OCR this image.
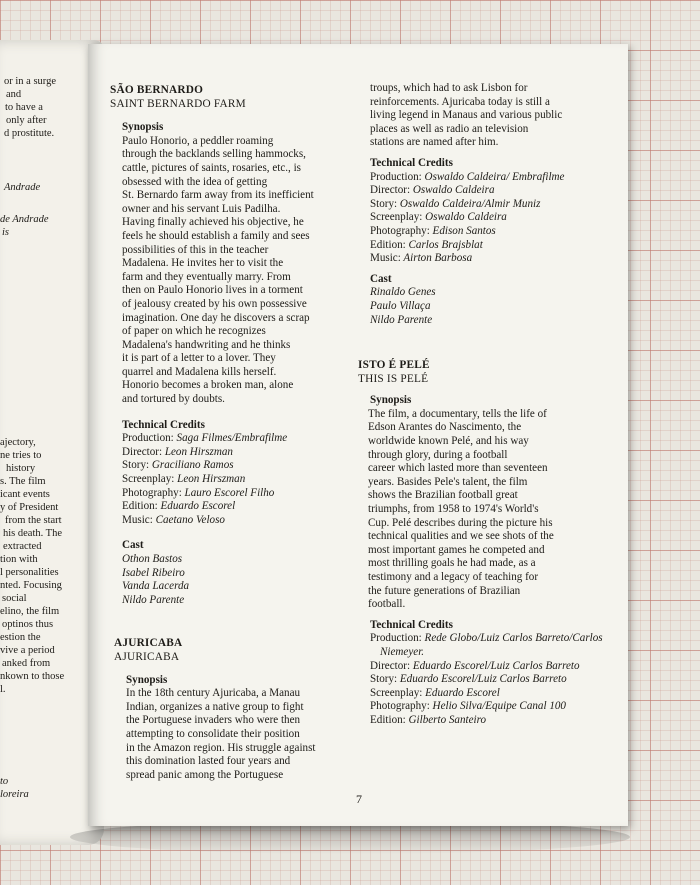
or in a surge
and
to have a
only after
d prostitute.
Andrade
de Andrade
is
ajectory,
ne tries to
history
s. The film
icant events
y of President
from the start
his death. The
extracted
tion with
l personalities
nted. Focusing
social
elino, the film
optinos thus
estion the
vive a period
anked from
nkown to those
l.
to
loreira
SÃO BERNARDO
SAINT BERNARDO FARM
Synopsis
Paulo Honorio, a peddler roaming
through the backlands selling hammocks,
cattle, pictures of saints, rosaries, etc., is
obsessed with the idea of getting
St. Bernardo farm away from its inefficient
owner and his servant Luis Padilha.
Having finally achieved his objective, he
feels he should establish a family and sees
possibilities of this in the teacher
Madalena. He invites her to visit the
farm and they eventually marry. From
then on Paulo Honorio lives in a torment
of jealousy created by his own possessive
imagination. One day he discovers a scrap
of paper on which he recognizes
Madalena's handwriting and he thinks
it is part of a letter to a lover. They
quarrel and Madalena kills herself.
Honorio becomes a broken man, alone
and tortured by doubts.
Technical Credits
Production: Saga Filmes/Embrafilme
Director: Leon Hirszman
Story: Graciliano Ramos
Screenplay: Leon Hirszman
Photography: Lauro Escorel Filho
Edition: Eduardo Escorel
Music: Caetano Veloso
Cast
Othon Bastos
Isabel Ribeiro
Vanda Lacerda
Nildo Parente
AJURICABA
AJURICABA
Synopsis
In the 18th century Ajuricaba, a Manau
Indian, organizes a native group to fight
the Portuguese invaders who were then
attempting to consolidate their position
in the Amazon region. His struggle against
this domination lasted four years and
spread panic among the Portuguese
troups, which had to ask Lisbon for
reinforcements. Ajuricaba today is still a
living legend in Manaus and various public
places as well as radio an television
stations are named after him.
Technical Credits
Production: Oswaldo Caldeira/ Embrafilme
Director: Oswaldo Caldeira
Story: Oswaldo Caldeira/Almir Muniz
Screenplay: Oswaldo Caldeira
Photography: Edison Santos
Edition: Carlos Brajsblat
Music: Airton Barbosa
Cast
Rinaldo Genes
Paulo Villaça
Nildo Parente
ISTO É PELÉ
THIS IS PELÉ
Synopsis
The film, a documentary, tells the life of
Edson Arantes do Nascimento, the
worldwide known Pelé, and his way
through glory, during a football
career which lasted more than seventeen
years. Basides Pele's talent, the film
shows the Brazilian football great
triumphs, from 1958 to 1974's World's
Cup. Pelé describes during the picture his
technical qualities and we see shots of the
most important games he competed and
most thrilling goals he had made, as a
testimony and a legacy of teaching for
the future generations of Brazilian
football.
Technical Credits
Production: Rede Globo/Luiz Carlos Barreto/Carlos Niemeyer.
Director: Eduardo Escorel/Luiz Carlos Barreto
Story: Eduardo Escorel/Luiz Carlos Barreto
Screenplay: Eduardo Escorel
Photography: Helio Silva/Equipe Canal 100
Edition: Gilberto Santeiro
7
